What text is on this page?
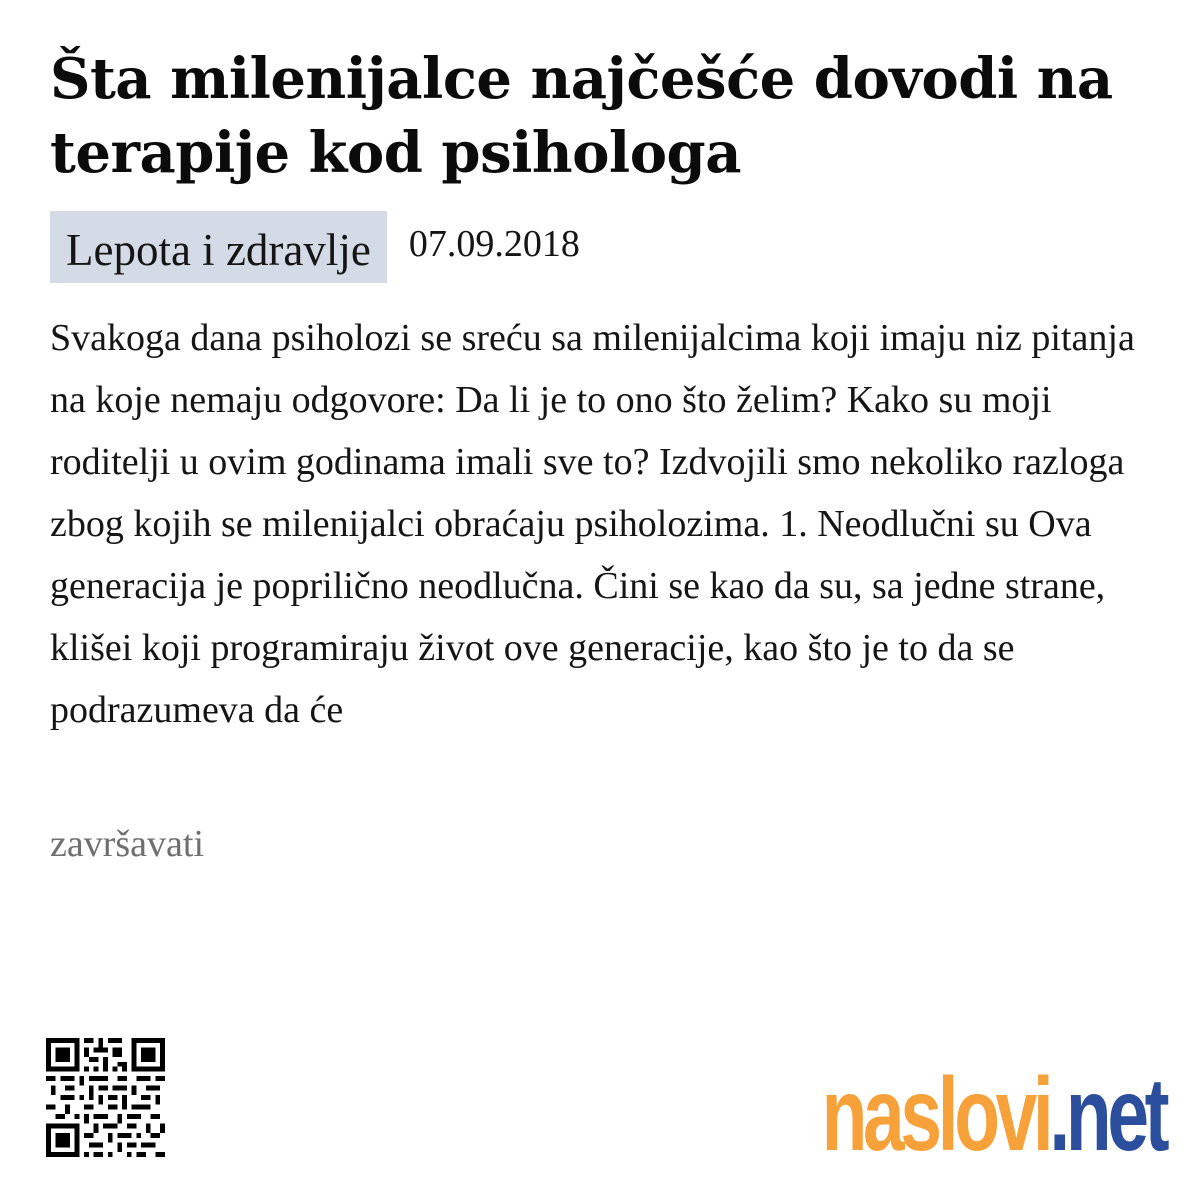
Šta milenijalce najčešće dovodi na terapije kod psihologa
Lepota i zdravlje	07.09.2018

Svakoga dana psiholozi se sreću sa milenijalcima koji imaju niz pitanja na koje nemaju odgovore: Da li je to ono što želim? Kako su moji roditelji u ovim godinama imali sve to? Izdvojili smo nekoliko razloga zbog kojih se milenijalci obraćaju psiholozima. 1. Neodlučni su Ova generacija je poprilično neodlučna. Čini se kao da su, sa jedne strane, klišei koji programiraju život ove generacije, kao što je to da se podrazumeva da će

završavati
naslovi.net
